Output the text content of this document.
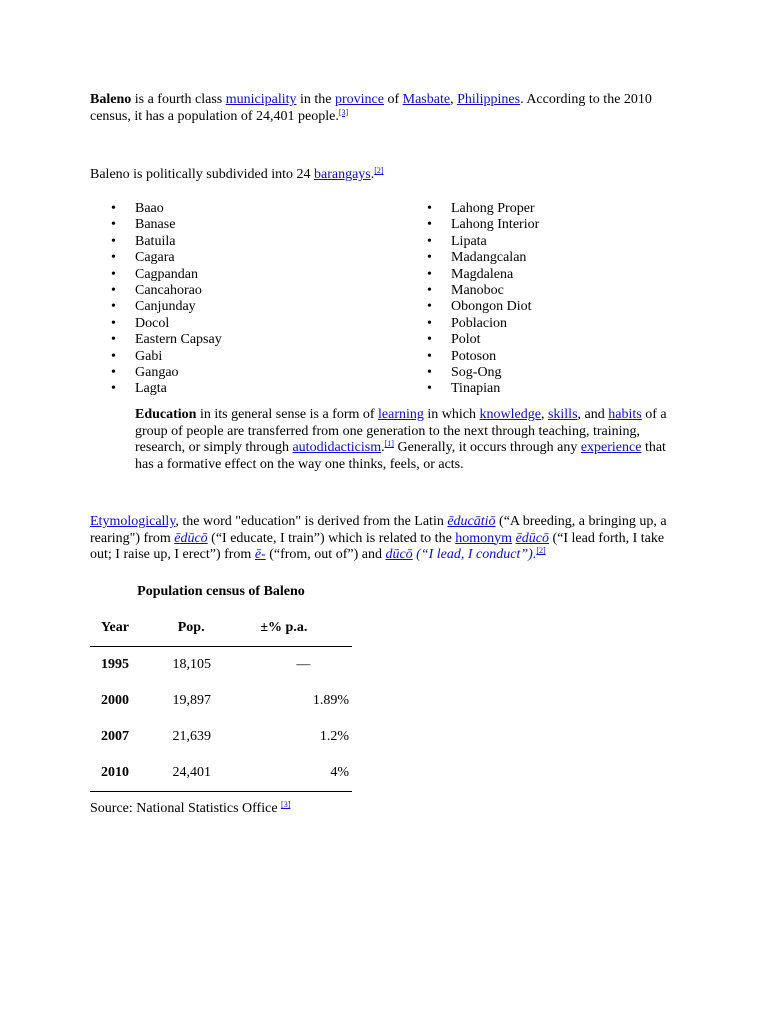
Baleno is a fourth class municipality in the province of Masbate, Philippines. According to the 2010 census, it has a population of 24,401 people.[3]
Baleno is politically subdivided into 24 barangays.[2]
• Baao
• Banase
• Batuila
• Cagara
• Cagpandan
• Cancahorao
• Canjunday
• Docol
• Eastern Capsay
• Gabi
• Gangao
• Lagta
• Lahong Proper
• Lahong Interior
• Lipata
• Madangcalan
• Magdalena
• Manoboc
• Obongon Diot
• Poblacion
• Polot
• Potoson
• Sog-Ong
• Tinapian
Education in its general sense is a form of learning in which knowledge, skills, and habits of a group of people are transferred from one generation to the next through teaching, training, research, or simply through autodidacticism.[1] Generally, it occurs through any experience that has a formative effect on the way one thinks, feels, or acts.
Etymologically, the word "education" is derived from the Latin ēducātiō (“A breeding, a bringing up, a rearing") from ēdūcō (“I educate, I train”) which is related to the homonym ēdūcō (“I lead forth, I take out; I raise up, I erect”) from ē- (“from, out of”) and dūcō (“I lead, I conduct”).[2]
Population census of Baleno
Year	Pop.	±% p.a.
1995	18,105	—
2000	19,897	1.89%
2007	21,639	1.2%
2010	24,401	4%
Source: National Statistics Office [3]
